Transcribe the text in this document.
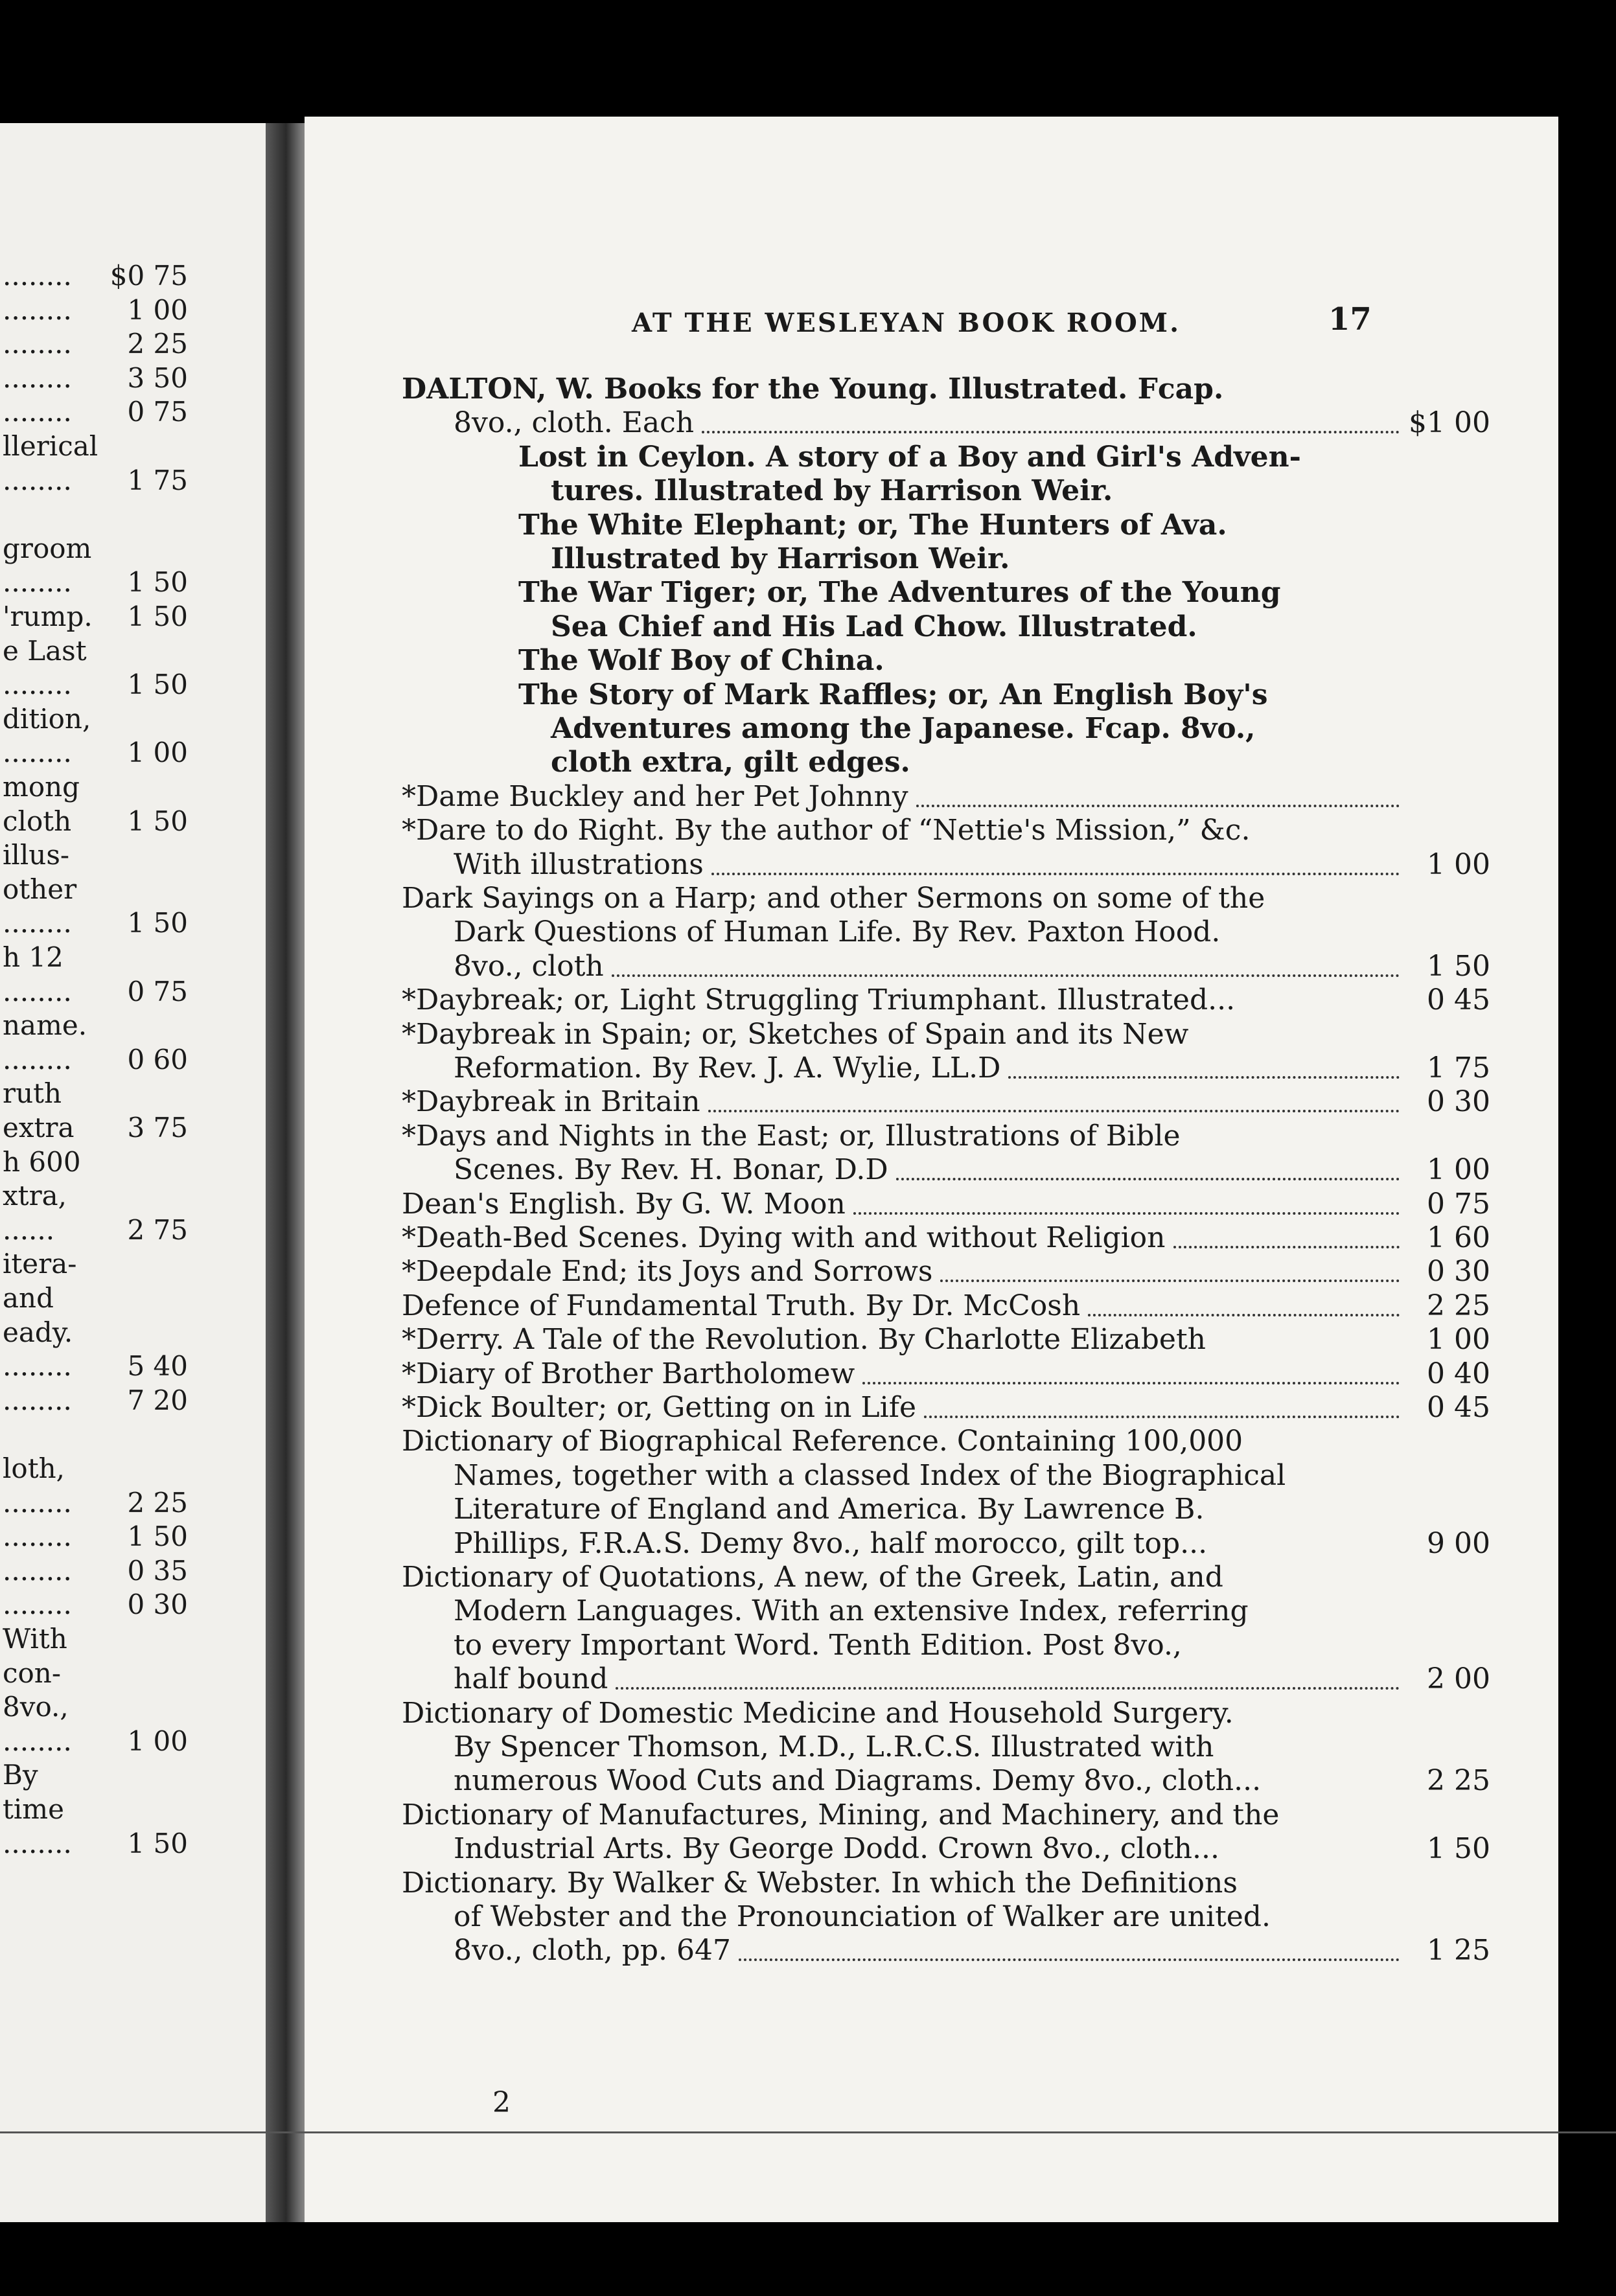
........	$0 75
........	1 00
........	2 25
........	3 50
........	0 75
llerical
........	1 75
groom
........	1 50
'rump.	1 50
e Last
........	1 50
dition,
........	1 00
mong
cloth	1 50
illus-
other
........	1 50
h 12
........	0 75
name.
........	0 60
ruth
extra	3 75
h 600
xtra,
......	2 75
itera-
and
eady.
........	5 40
........	7 20
loth,
........	2 25
........	1 50
........	0 35
........	0 30
With
con-
8vo.,
........	1 00
By
time
........	1 50
AT THE WESLEYAN BOOK ROOM.	17
DALTON, W. Books for the Young. Illustrated. Fcap.
8vo., cloth. Each	$1 00
Lost in Ceylon. A story of a Boy and Girl's Adven-
tures. Illustrated by Harrison Weir.
The White Elephant; or, The Hunters of Ava.
Illustrated by Harrison Weir.
The War Tiger; or, The Adventures of the Young
Sea Chief and His Lad Chow. Illustrated.
The Wolf Boy of China.
The Story of Mark Raffles; or, An English Boy's
Adventures among the Japanese. Fcap. 8vo.,
cloth extra, gilt edges.
*Dame Buckley and her Pet Johnny
*Dare to do Right. By the author of “Nettie's Mission,” &c.
With illustrations	1 00
Dark Sayings on a Harp; and other Sermons on some of the
Dark Questions of Human Life. By Rev. Paxton Hood.
8vo., cloth	1 50
*Daybreak; or, Light Struggling Triumphant. Illustrated...	0 45
*Daybreak in Spain; or, Sketches of Spain and its New
Reformation. By Rev. J. A. Wylie, LL.D	1 75
*Daybreak in Britain	0 30
*Days and Nights in the East; or, Illustrations of Bible
Scenes. By Rev. H. Bonar, D.D	1 00
Dean's English. By G. W. Moon	0 75
*Death-Bed Scenes. Dying with and without Religion	1 60
*Deepdale End; its Joys and Sorrows	0 30
Defence of Fundamental Truth. By Dr. McCosh	2 25
*Derry. A Tale of the Revolution. By Charlotte Elizabeth	1 00
*Diary of Brother Bartholomew	0 40
*Dick Boulter; or, Getting on in Life	0 45
Dictionary of Biographical Reference. Containing 100,000
Names, together with a classed Index of the Biographical
Literature of England and America. By Lawrence B.
Phillips, F.R.A.S. Demy 8vo., half morocco, gilt top...	9 00
Dictionary of Quotations, A new, of the Greek, Latin, and
Modern Languages. With an extensive Index, referring
to every Important Word. Tenth Edition. Post 8vo.,
half bound	2 00
Dictionary of Domestic Medicine and Household Surgery.
By Spencer Thomson, M.D., L.R.C.S. Illustrated with
numerous Wood Cuts and Diagrams. Demy 8vo., cloth...	2 25
Dictionary of Manufactures, Mining, and Machinery, and the
Industrial Arts. By George Dodd. Crown 8vo., cloth...	1 50
Dictionary. By Walker & Webster. In which the Definitions
of Webster and the Pronounciation of Walker are united.
8vo., cloth, pp. 647	1 25
2
